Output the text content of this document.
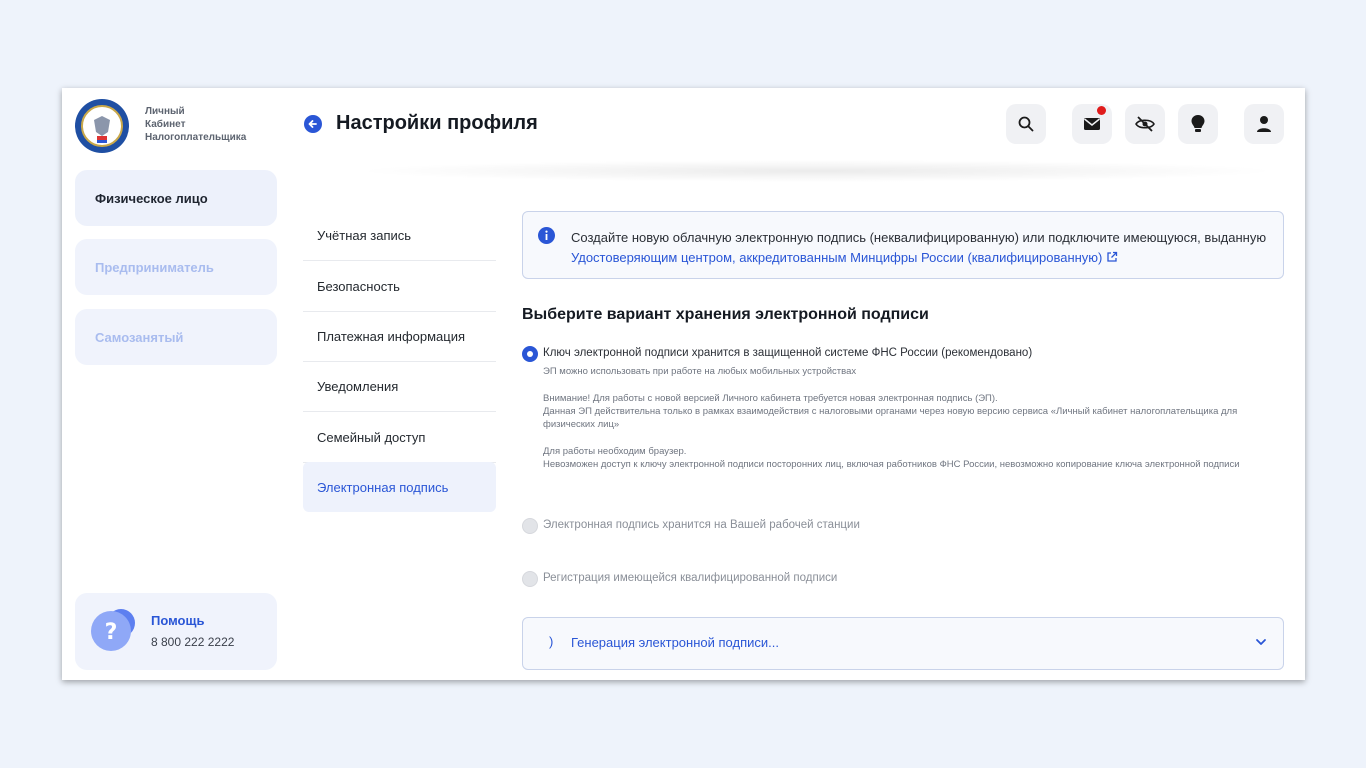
Личный
Кабинет
Налогоплательщика
Физическое лицо
Предприниматель
Самозанятый
?	Помощь
8 800 222 2222
Настройки профиля
Учётная запись
Безопасность
Платежная информация
Уведомления
Семейный доступ
Электронная подпись
Создайте новую облачную электронную подпись (неквалифицированную) или подключите имеющуюся, выданную Удостоверяющим центром, аккредитованным Минцифры России (квалифицированную)
Выберите вариант хранения электронной подписи
Ключ электронной подписи хранится в защищенной системе ФНС России (рекомендовано)
ЭП можно использовать при работе на любых мобильных устройствах
Внимание! Для работы с новой версией Личного кабинета требуется новая электронная подпись (ЭП).
Данная ЭП действительна только в рамках взаимодействия с налоговыми органами через новую версию сервиса «Личный кабинет налогоплательщика для физических лиц»
Для работы необходим браузер.
Невозможен доступ к ключу электронной подписи посторонних лиц, включая работников ФНС России, невозможно копирование ключа электронной подписи
Электронная подпись хранится на Вашей рабочей станции
Регистрация имеющейся квалифицированной подписи
) Генерация электронной подписи...
